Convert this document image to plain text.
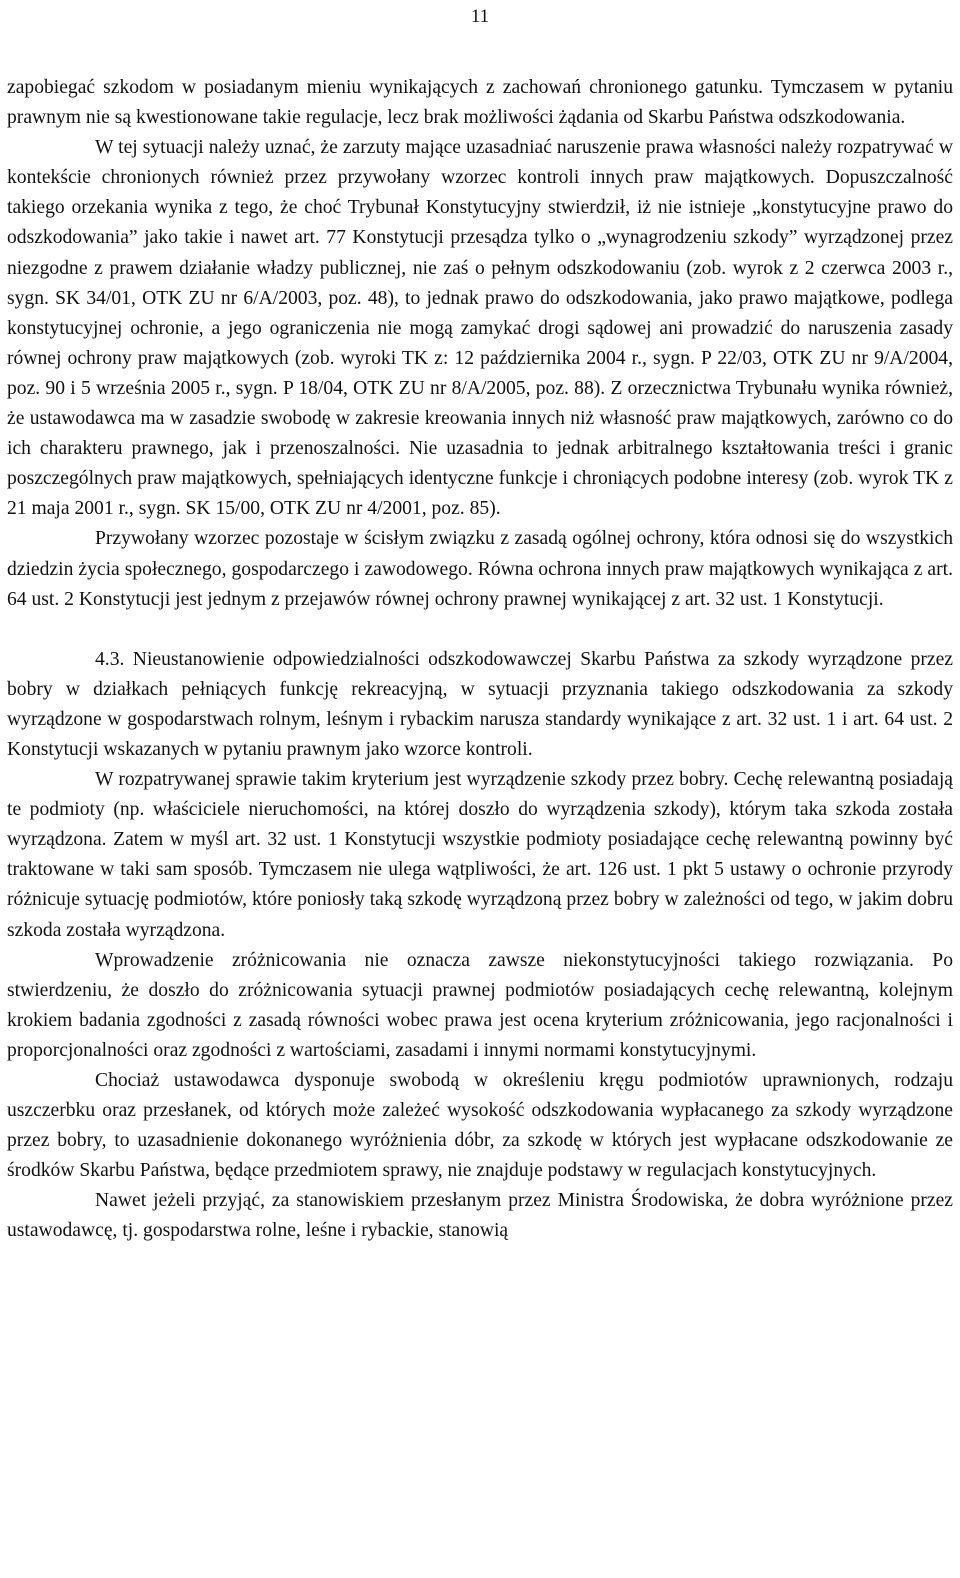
11

zapobiegać szkodom w posiadanym mieniu wynikających z zachowań chronionego gatunku. Tymczasem w pytaniu prawnym nie są kwestionowane takie regulacje, lecz brak możliwości żądania od Skarbu Państwa odszkodowania.

W tej sytuacji należy uznać, że zarzuty mające uzasadniać naruszenie prawa własności należy rozpatrywać w kontekście chronionych również przez przywołany wzorzec kontroli innych praw majątkowych. Dopuszczalność takiego orzekania wynika z tego, że choć Trybunał Konstytucyjny stwierdził, iż nie istnieje „konstytucyjne prawo do odszkodowania” jako takie i nawet art. 77 Konstytucji przesądza tylko o „wynagrodzeniu szkody” wyrządzonej przez niezgodne z prawem działanie władzy publicznej, nie zaś o pełnym odszkodowaniu (zob. wyrok z 2 czerwca 2003 r., sygn. SK 34/01, OTK ZU nr 6/A/2003, poz. 48), to jednak prawo do odszkodowania, jako prawo majątkowe, podlega konstytucyjnej ochronie, a jego ograniczenia nie mogą zamykać drogi sądowej ani prowadzić do naruszenia zasady równej ochrony praw majątkowych (zob. wyroki TK z: 12 października 2004 r., sygn. P 22/03, OTK ZU nr 9/A/2004, poz. 90 i 5 września 2005 r., sygn. P 18/04, OTK ZU nr 8/A/2005, poz. 88). Z orzecznictwa Trybunału wynika również, że ustawodawca ma w zasadzie swobodę w zakresie kreowania innych niż własność praw majątkowych, zarówno co do ich charakteru prawnego, jak i przenoszalności. Nie uzasadnia to jednak arbitralnego kształtowania treści i granic poszczególnych praw majątkowych, spełniających identyczne funkcje i chroniących podobne interesy (zob. wyrok TK z 21 maja 2001 r., sygn. SK 15/00, OTK ZU nr 4/2001, poz. 85).

Przywołany wzorzec pozostaje w ścisłym związku z zasadą ogólnej ochrony, która odnosi się do wszystkich dziedzin życia społecznego, gospodarczego i zawodowego. Równa ochrona innych praw majątkowych wynikająca z art. 64 ust. 2 Konstytucji jest jednym z przejawów równej ochrony prawnej wynikającej z art. 32 ust. 1 Konstytucji.

4.3. Nieustanowienie odpowiedzialności odszkodowawczej Skarbu Państwa za szkody wyrządzone przez bobry w działkach pełniących funkcję rekreacyjną, w sytuacji przyznania takiego odszkodowania za szkody wyrządzone w gospodarstwach rolnym, leśnym i rybackim narusza standardy wynikające z art. 32 ust. 1 i art. 64 ust. 2 Konstytucji wskazanych w pytaniu prawnym jako wzorce kontroli.

W rozpatrywanej sprawie takim kryterium jest wyrządzenie szkody przez bobry. Cechę relewantną posiadają te podmioty (np. właściciele nieruchomości, na której doszło do wyrządzenia szkody), którym taka szkoda została wyrządzona. Zatem w myśl art. 32 ust. 1 Konstytucji wszystkie podmioty posiadające cechę relewantną powinny być traktowane w taki sam sposób. Tymczasem nie ulega wątpliwości, że art. 126 ust. 1 pkt 5 ustawy o ochronie przyrody różnicuje sytuację podmiotów, które poniosły taką szkodę wyrządzoną przez bobry w zależności od tego, w jakim dobru szkoda została wyrządzona.

Wprowadzenie zróżnicowania nie oznacza zawsze niekonstytucyjności takiego rozwiązania. Po stwierdzeniu, że doszło do zróżnicowania sytuacji prawnej podmiotów posiadających cechę relewantną, kolejnym krokiem badania zgodności z zasadą równości wobec prawa jest ocena kryterium zróżnicowania, jego racjonalności i proporcjonalności oraz zgodności z wartościami, zasadami i innymi normami konstytucyjnymi.

Chociaż ustawodawca dysponuje swobodą w określeniu kręgu podmiotów uprawnionych, rodzaju uszczerbku oraz przesłanek, od których może zależeć wysokość odszkodowania wypłacanego za szkody wyrządzone przez bobry, to uzasadnienie dokonanego wyróżnienia dóbr, za szkodę w których jest wypłacane odszkodowanie ze środków Skarbu Państwa, będące przedmiotem sprawy, nie znajduje podstawy w regulacjach konstytucyjnych.

Nawet jeżeli przyjąć, za stanowiskiem przesłanym przez Ministra Środowiska, że dobra wyróżnione przez ustawodawcę, tj. gospodarstwa rolne, leśne i rybackie, stanowią
